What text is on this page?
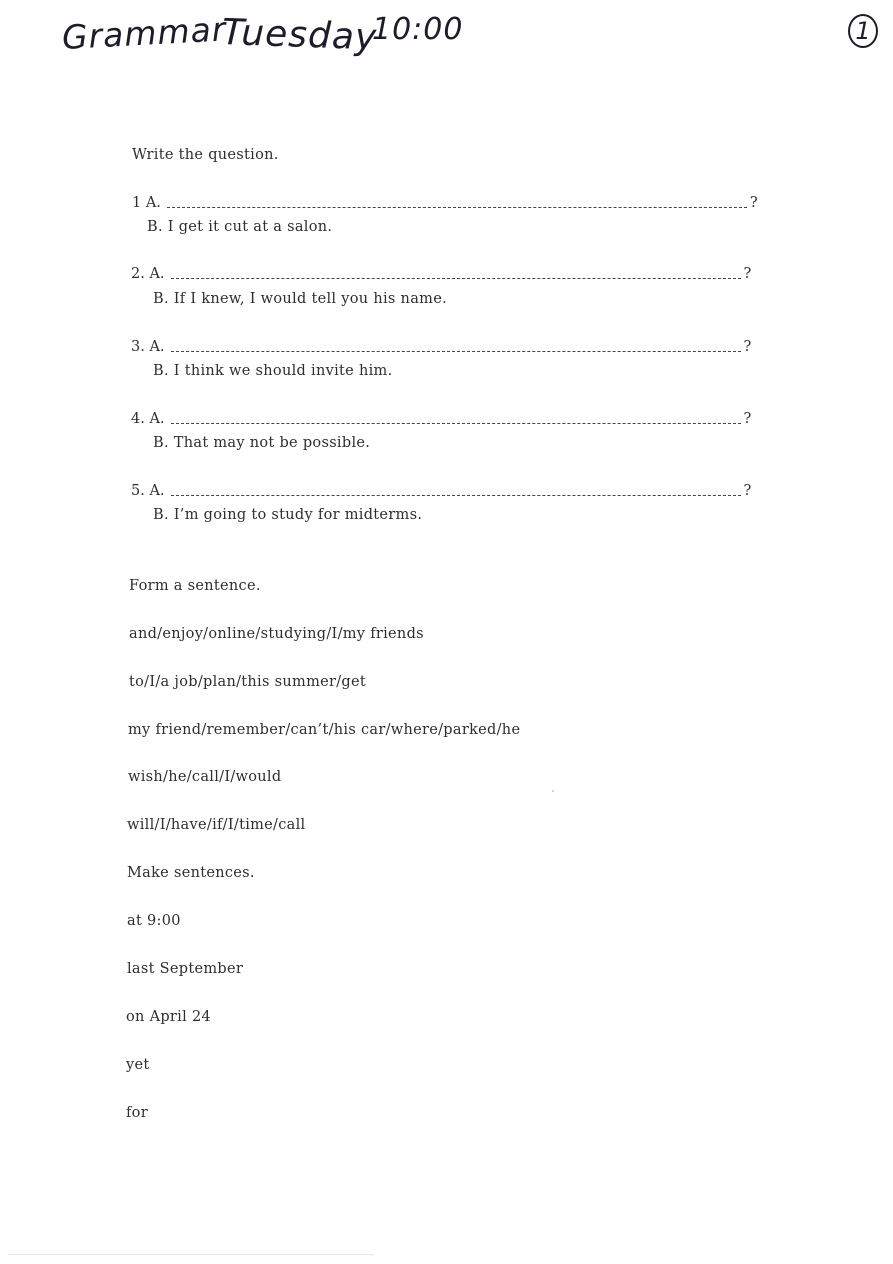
Grammar
Tuesday
10:00	1
Write the question.
1 A.	?
B. I get it cut at a salon.
2. A.	?
B. If I knew, I would tell you his name.
3. A.	?
B. I think we should invite him.
4. A.	?
B. That may not be possible.
5. A.	?
B. I’m going to study for midterms.
Form a sentence.
and/enjoy/online/studying/I/my friends
to/I/a job/plan/this summer/get
my friend/remember/can’t/his car/where/parked/he
wish/he/call/I/would
will/I/have/if/I/time/call
Make sentences.
at 9:00
last September
on April 24
yet
for
